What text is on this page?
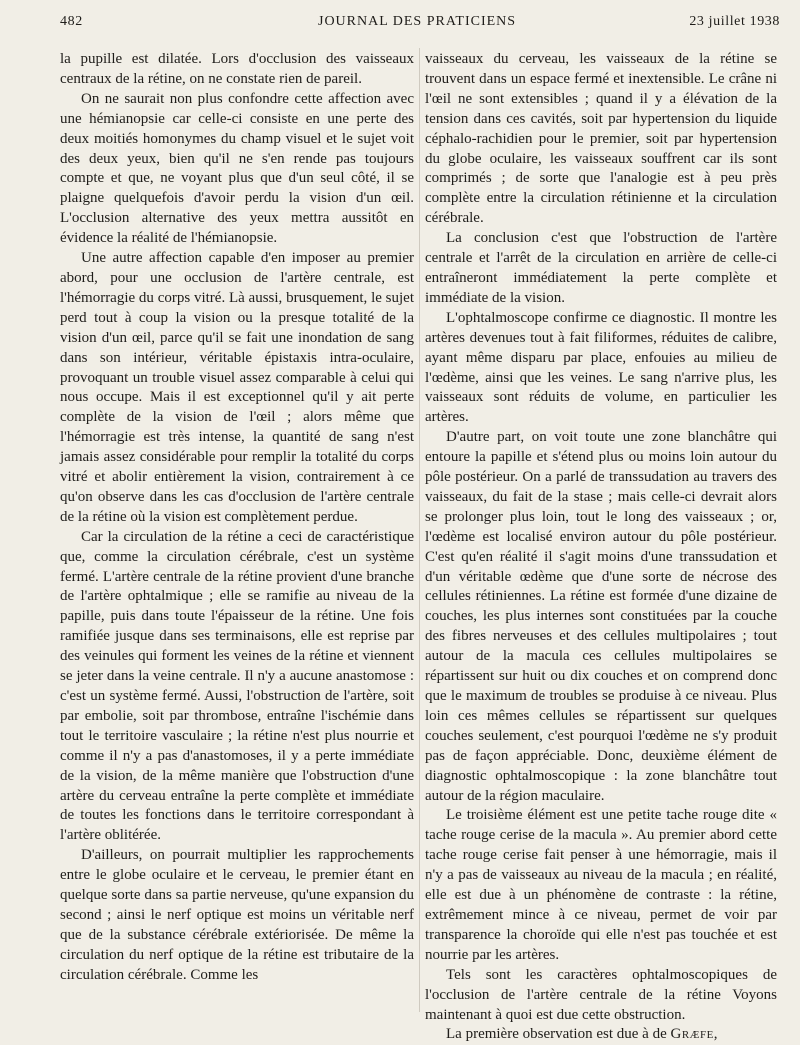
482	JOURNAL DES PRATICIENS	23 juillet 1938

la pupille est dilatée. Lors d'occlusion des vaisseaux centraux de la rétine, on ne constate rien de pareil.

On ne saurait non plus confondre cette affection avec une hémianopsie car celle-ci consiste en une perte des deux moitiés homonymes du champ visuel et le sujet voit des deux yeux, bien qu'il ne s'en rende pas toujours compte et que, ne voyant plus que d'un seul côté, il se plaigne quelquefois d'avoir perdu la vision d'un œil. L'occlusion alternative des yeux mettra aussitôt en évidence la réalité de l'hémianopsie.

Une autre affection capable d'en imposer au premier abord, pour une occlusion de l'artère centrale, est l'hémorragie du corps vitré. Là aussi, brusquement, le sujet perd tout à coup la vision ou la presque totalité de la vision d'un œil, parce qu'il se fait une inondation de sang dans son intérieur, véritable épistaxis intra-oculaire, provoquant un trouble visuel assez comparable à celui qui nous occupe. Mais il est exceptionnel qu'il y ait perte complète de la vision de l'œil ; alors même que l'hémorragie est très intense, la quantité de sang n'est jamais assez considérable pour remplir la totalité du corps vitré et abolir entièrement la vision, contrairement à ce qu'on observe dans les cas d'occlusion de l'artère centrale de la rétine où la vision est complètement perdue.

Car la circulation de la rétine a ceci de caractéristique que, comme la circulation cérébrale, c'est un système fermé. L'artère centrale de la rétine provient d'une branche de l'artère ophtalmique ; elle se ramifie au niveau de la papille, puis dans toute l'épaisseur de la rétine. Une fois ramifiée jusque dans ses terminaisons, elle est reprise par des veinules qui forment les veines de la rétine et viennent se jeter dans la veine centrale. Il n'y a aucune anastomose : c'est un système fermé. Aussi, l'obstruction de l'artère, soit par embolie, soit par thrombose, entraîne l'ischémie dans tout le territoire vasculaire ; la rétine n'est plus nourrie et comme il n'y a pas d'anastomoses, il y a perte immédiate de la vision, de la même manière que l'obstruction d'une artère du cerveau entraîne la perte complète et immédiate de toutes les fonctions dans le territoire correspondant à l'artère oblitérée.

D'ailleurs, on pourrait multiplier les rapprochements entre le globe oculaire et le cerveau, le premier étant en quelque sorte dans sa partie nerveuse, qu'une expansion du second ; ainsi le nerf optique est moins un véritable nerf que de la substance cérébrale extériorisée. De même la circulation du nerf optique de la rétine est tributaire de la circulation cérébrale. Comme les

vaisseaux du cerveau, les vaisseaux de la rétine se trouvent dans un espace fermé et inextensible. Le crâne ni l'œil ne sont extensibles ; quand il y a élévation de la tension dans ces cavités, soit par hypertension du liquide céphalo-rachidien pour le premier, soit par hypertension du globe oculaire, les vaisseaux souffrent car ils sont comprimés ; de sorte que l'analogie est à peu près complète entre la circulation rétinienne et la circulation cérébrale.

La conclusion c'est que l'obstruction de l'artère centrale et l'arrêt de la circulation en arrière de celle-ci entraîneront immédiatement la perte complète et immédiate de la vision.

L'ophtalmoscope confirme ce diagnostic. Il montre les artères devenues tout à fait filiformes, réduites de calibre, ayant même disparu par place, enfouies au milieu de l'œdème, ainsi que les veines. Le sang n'arrive plus, les vaisseaux sont réduits de volume, en particulier les artères.

D'autre part, on voit toute une zone blanchâtre qui entoure la papille et s'étend plus ou moins loin autour du pôle postérieur. On a parlé de transsudation au travers des vaisseaux, du fait de la stase ; mais celle-ci devrait alors se prolonger plus loin, tout le long des vaisseaux ; or, l'œdème est localisé environ autour du pôle postérieur. C'est qu'en réalité il s'agit moins d'une transsudation et d'un véritable œdème que d'une sorte de nécrose des cellules rétiniennes. La rétine est formée d'une dizaine de couches, les plus internes sont constituées par la couche des fibres nerveuses et des cellules multipolaires ; tout autour de la macula ces cellules multipolaires se répartissent sur huit ou dix couches et on comprend donc que le maximum de troubles se produise à ce niveau. Plus loin ces mêmes cellules se répartissent sur quelques couches seulement, c'est pourquoi l'œdème ne s'y produit pas de façon appréciable. Donc, deuxième élément de diagnostic ophtalmoscopique : la zone blanchâtre tout autour de la région maculaire.

Le troisième élément est une petite tache rouge dite « tache rouge cerise de la macula ». Au premier abord cette tache rouge cerise fait penser à une hémorragie, mais il n'y a pas de vaisseaux au niveau de la macula ; en réalité, elle est due à un phénomène de contraste : la rétine, extrêmement mince à ce niveau, permet de voir par transparence la choroïde qui elle n'est pas touchée et est nourrie par les artères.

Tels sont les caractères ophtalmoscopiques de l'occlusion de l'artère centrale de la rétine Voyons maintenant à quoi est due cette obstruction.

La première observation est due à de Græfe,
